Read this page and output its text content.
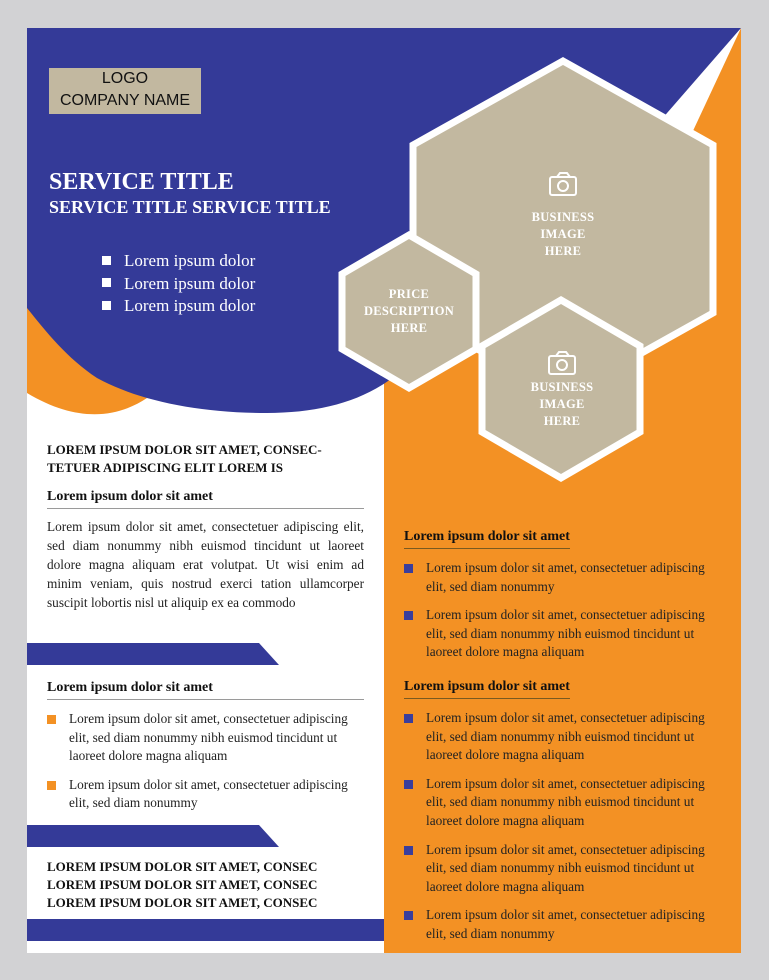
LOGO
COMPANY NAME
SERVICE TITLE
SERVICE TITLE SERVICE TITLE
Lorem ipsum dolor
Lorem ipsum dolor
Lorem ipsum dolor
BUSINESS
IMAGE
HERE
PRICE
DESCRIPTION
HERE
BUSINESS
IMAGE
HERE
LOREM IPSUM DOLOR SIT AMET, CONSEC-
TETUER ADIPISCING ELIT LOREM IS
Lorem ipsum dolor sit amet
Lorem ipsum dolor sit amet, consectetuer adipiscing elit, sed diam nonummy nibh euismod tincidunt ut laoreet dolore magna aliquam erat volutpat. Ut wisi enim ad minim veniam, quis nostrud exerci tation ullamcorper suscipit lobortis nisl ut aliquip ex ea commodo
Lorem ipsum dolor sit amet
Lorem ipsum dolor sit amet, consectetuer adipiscing elit, sed diam nonummy nibh euismod tincidunt ut laoreet dolore magna aliquam
Lorem ipsum dolor sit amet, consectetuer adipiscing elit, sed diam nonummy
LOREM IPSUM DOLOR SIT AMET, CONSEC
LOREM IPSUM DOLOR SIT AMET, CONSEC
LOREM IPSUM DOLOR SIT AMET, CONSEC
Lorem ipsum dolor sit amet
Lorem ipsum dolor sit amet, consectetuer adipiscing elit, sed diam nonummy
Lorem ipsum dolor sit amet, consectetuer adipiscing elit, sed diam nonummy nibh euismod tincidunt ut laoreet dolore magna aliquam
Lorem ipsum dolor sit amet
Lorem ipsum dolor sit amet, consectetuer adipiscing elit, sed diam nonummy nibh euismod tincidunt ut laoreet dolore magna aliquam
Lorem ipsum dolor sit amet, consectetuer adipiscing elit, sed diam nonummy nibh euismod tincidunt ut laoreet dolore magna aliquam
Lorem ipsum dolor sit amet, consectetuer adipiscing elit, sed diam nonummy nibh euismod tincidunt ut laoreet dolore magna aliquam
Lorem ipsum dolor sit amet, consectetuer adipiscing elit, sed diam nonummy
